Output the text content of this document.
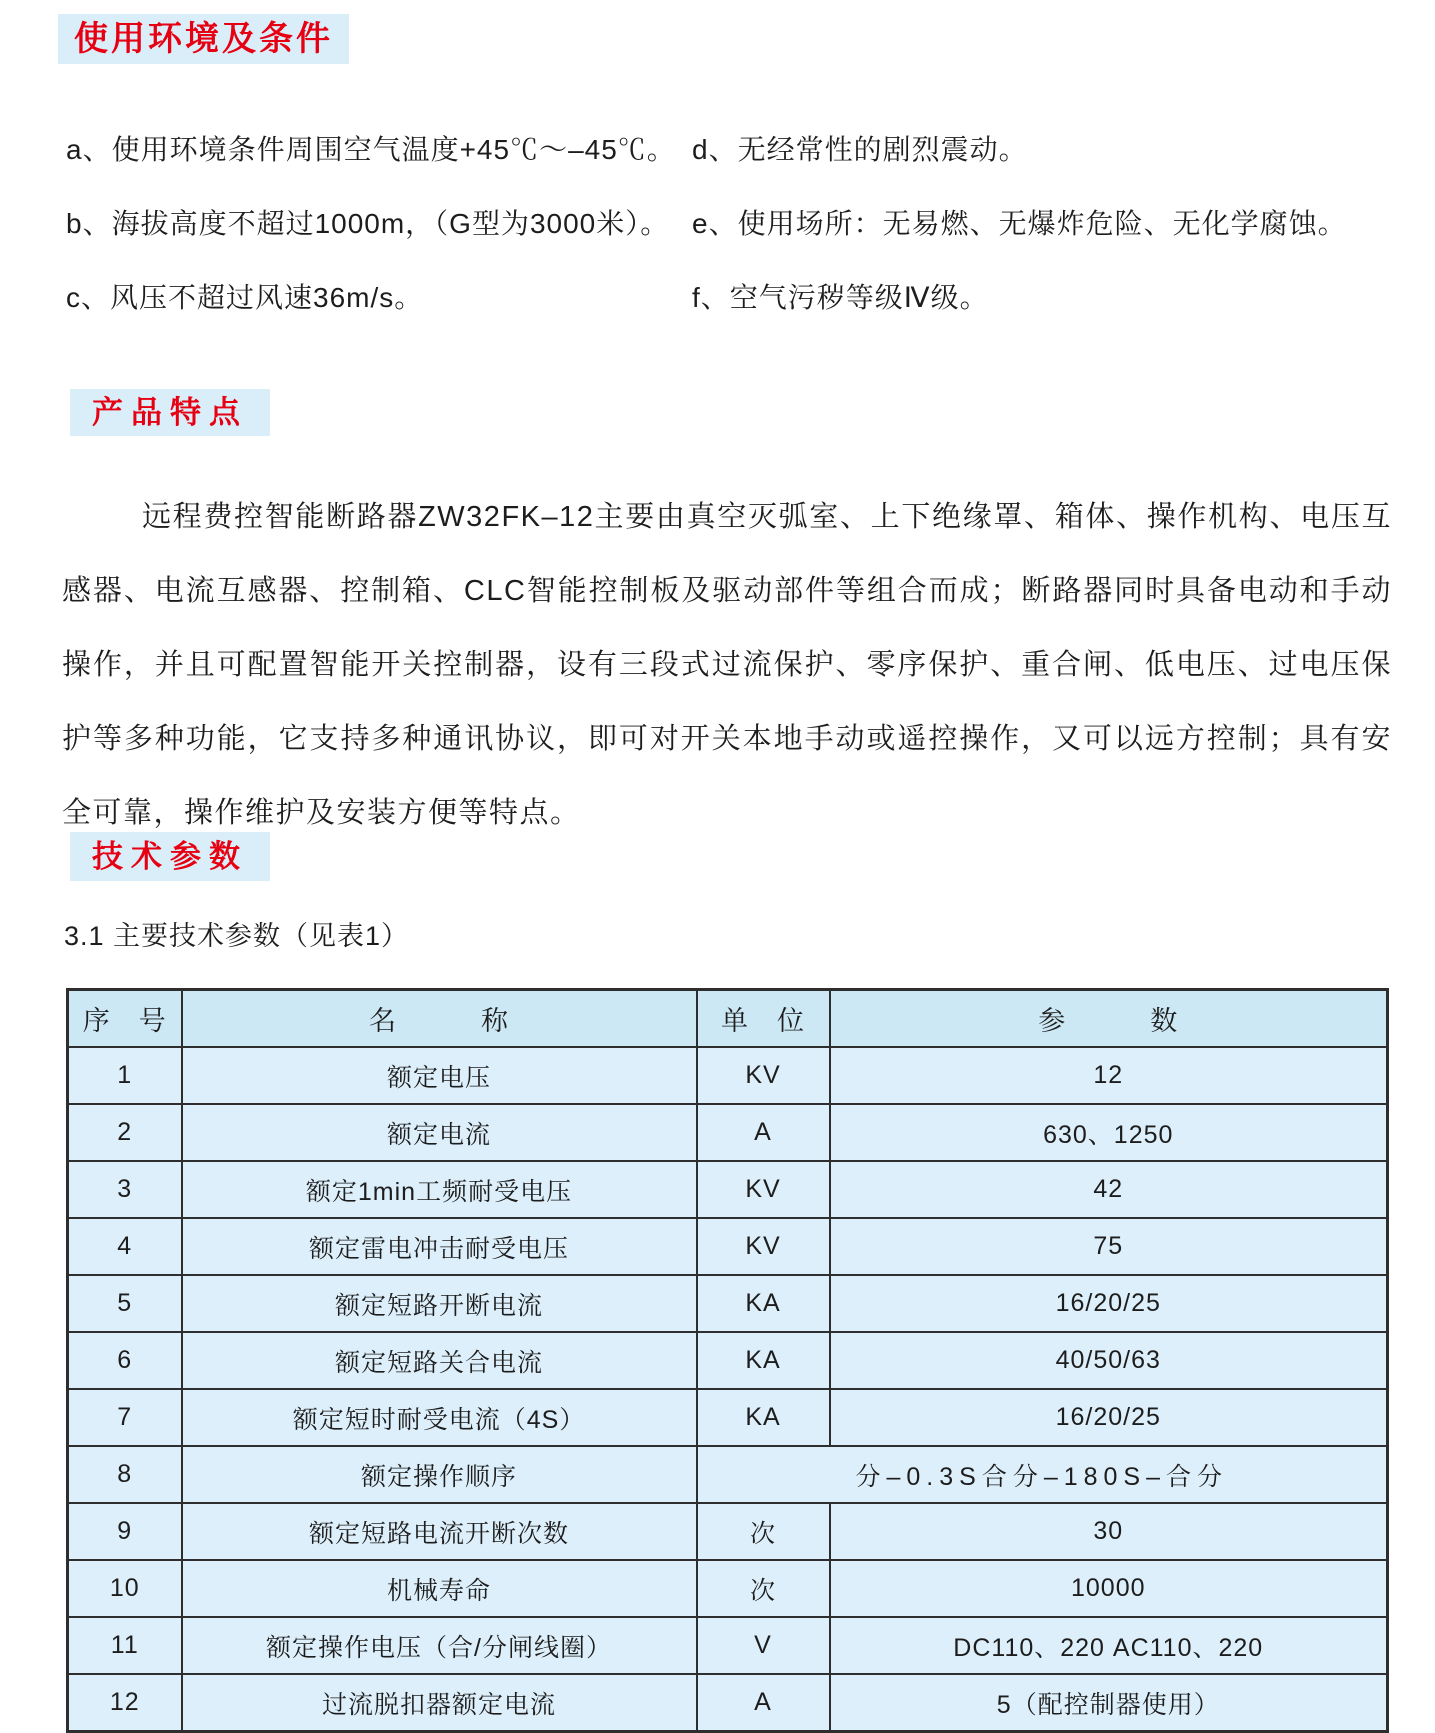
使用环境及条件
a、使用环境条件周围空气温度+45℃～–45℃。
b、海拔高度不超过1000m，（G型为3000米）。
c、风压不超过风速36m/s。
d、无经常性的剧烈震动。
e、使用场所：无易燃、无爆炸危险、无化学腐蚀。
f、空气污秽等级Ⅳ级。
产品特点

远程费控智能断路器ZW32FK–12主要由真空灭弧室、上下绝缘罩、箱体、操作机构、电压互感器、电流互感器、控制箱、CLC智能控制板及驱动部件等组合而成；断路器同时具备电动和手动操作，并且可配置智能开关控制器，设有三段式过流保护、零序保护、重合闸、低电压、过电压保护等多种功能，它支持多种通讯协议，即可对开关本地手动或遥控操作，又可以远方控制；具有安全可靠，操作维护及安装方便等特点。

技术参数
3.1 主要技术参数（见表1）
序　号	名　　　称	单　位	参　　　数
1	额定电压	KV	12
2	额定电流	A	630、1250
3	额定1min工频耐受电压	KV	42
4	额定雷电冲击耐受电压	KV	75
5	额定短路开断电流	KA	16/20/25
6	额定短路关合电流	KA	40/50/63
7	额定短时耐受电流（4S）	KA	16/20/25
8	额定操作顺序	分–0.3S合分–180S–合分	
9	额定短路电流开断次数	次	30
10	机械寿命	次	10000
11	额定操作电压（合/分闸线圈）	V	DC110、220 AC110、220
12	过流脱扣器额定电流	A	5（配控制器使用）
